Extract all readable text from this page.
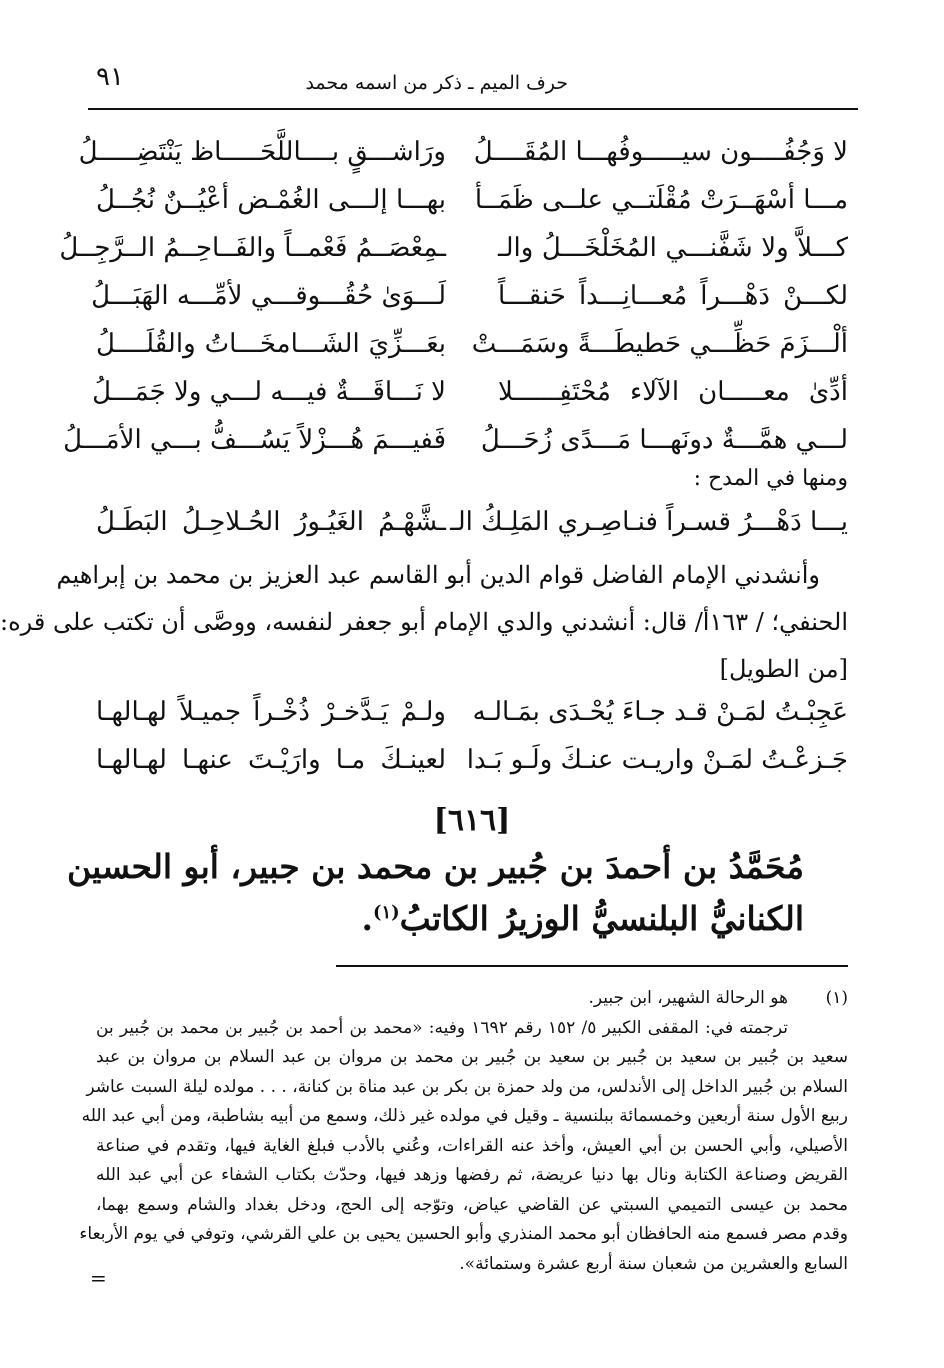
حرف الميم ـ ذكر من اسمه محمد
٩١
لا وَجُفُــــون سيـــــوفُهـــا المُقَــــلُ
ورَاشـــقٍ بــــاللَّحَـــــاظ يَنْتَضِـــــلُ
مـــا أسْهَــرَتْ مُقْلَتــي علــى ظَمَــأ
بهـــا إلـــى الغُمْـض أعْيُــنٌ نُجُــلُ
كـــلاَّ ولا شَفَّنـــي المُخَلْخَـــلُ والـ
ـمِعْصَــمُ فَعْمــاً والفَــاحِــمُ الــرَّجِــلُ
لكـــنْ دَهْـــراً مُعـــانِـــداً حَنقـــاً
لَـــوَىٰ حُقُـــوقـــي لأمِّـــه الهَبَـــلُ
ألْـــزَمَ حَظِّـــي حَطيطَـــةً وسَمَـــتْ
بعَـــزِّيَ الشَـــامخَـــاتُ والقُلَــــلُ
أدِّىٰ معـــــان الآلاء مُحْتَفِــــــلا
لا نَـــاقَـــةٌ فيـــه لـــي ولا جَمَـــلُ
لـــي همَّـــةٌ دونَهـــا مَـــدًى زُحَـــلُ
فَفيـــمَ هُـــزْلاً يَسُـــفُّ بـــي الأمَـــلُ
ومنها في المدح :
يـــا دَهْـــرُ قسـراً فنـاصِـري المَلِـكُ الـ
ـشَّهْـمُ الغَيُـورُ الحُـلاحِـلُ البَطَـلُ
وأنشدني الإمام الفاضل قوام الدين أبو القاسم عبد العزيز بن محمد بن إبراهيم
الحنفي؛ / ١٦٣أ/ قال: أنشدني والدي الإمام أبو جعفر لنفسه، ووصَّى أن تكتب على قره:
[من الطويل]
عَجِبْـتُ لمَـنْ قـد جـاءَ يُحْـدَى بمَـالـه
ولـمْ يَـدَّخـرْ ذُخْـراً جميـلاً لهـالهـا
جَـزعْـتُ لمَـنْ واريـت عنـكَ ولَـو بَـدا
لعينـكَ مـا وارَيْـتَ عنهـا لهـالهـا
[٦١٦]
مُحَمَّدُ بن أحمدَ بن جُبير بن محمد بن جبير، أبو الحسين
الكنانيُّ البلنسيُّ الوزيرُ الكاتبُ$^{(١)}$.
(١)هو الرحالة الشهير، ابن جبير.
ترجمته في: المقفى الكبير ٥/ ١٥٢ رقم ١٦٩٢ وفيه: «محمد بن أحمد بن جُبير بن محمد بن جُبير بن
سعيد بن جُبير بن سعيد بن جُبير بن سعيد بن جُبير بن محمد بن مروان بن عبد السلام بن مروان بن عبد
السلام بن جُبير الداخل إلى الأندلس، من ولد حمزة بن بكر بن عبد مناة بن كنانة، . . . مولده ليلة السبت عاشر
ربيع الأول سنة أربعين وخمسمائة ببلنسية ـ وقيل في مولده غير ذلك، وسمع من أبيه بشاطبة، ومن أبي عبد الله
الأصيلي، وأبي الحسن بن أبي العيش، وأخذ عنه القراءات، وعُني بالأدب فبلغ الغاية فيها، وتقدم في صناعة
القريض وصناعة الكتابة ونال بها دنيا عريضة، ثم رفضها وزهد فيها، وحدّث بكتاب الشفاء عن أبي عبد الله
محمد بن عيسى التميمي السبتي عن القاضي عياض، وتوّجه إلى الحج، ودخل بغداد والشام وسمع بهما،
وقدم مصر فسمع منه الحافظان أبو محمد المنذري وأبو الحسين يحيى بن علي القرشي، وتوفي في يوم الأربعاء
السابع والعشرين من شعبان سنة أربع عشرة وستمائة».
=
